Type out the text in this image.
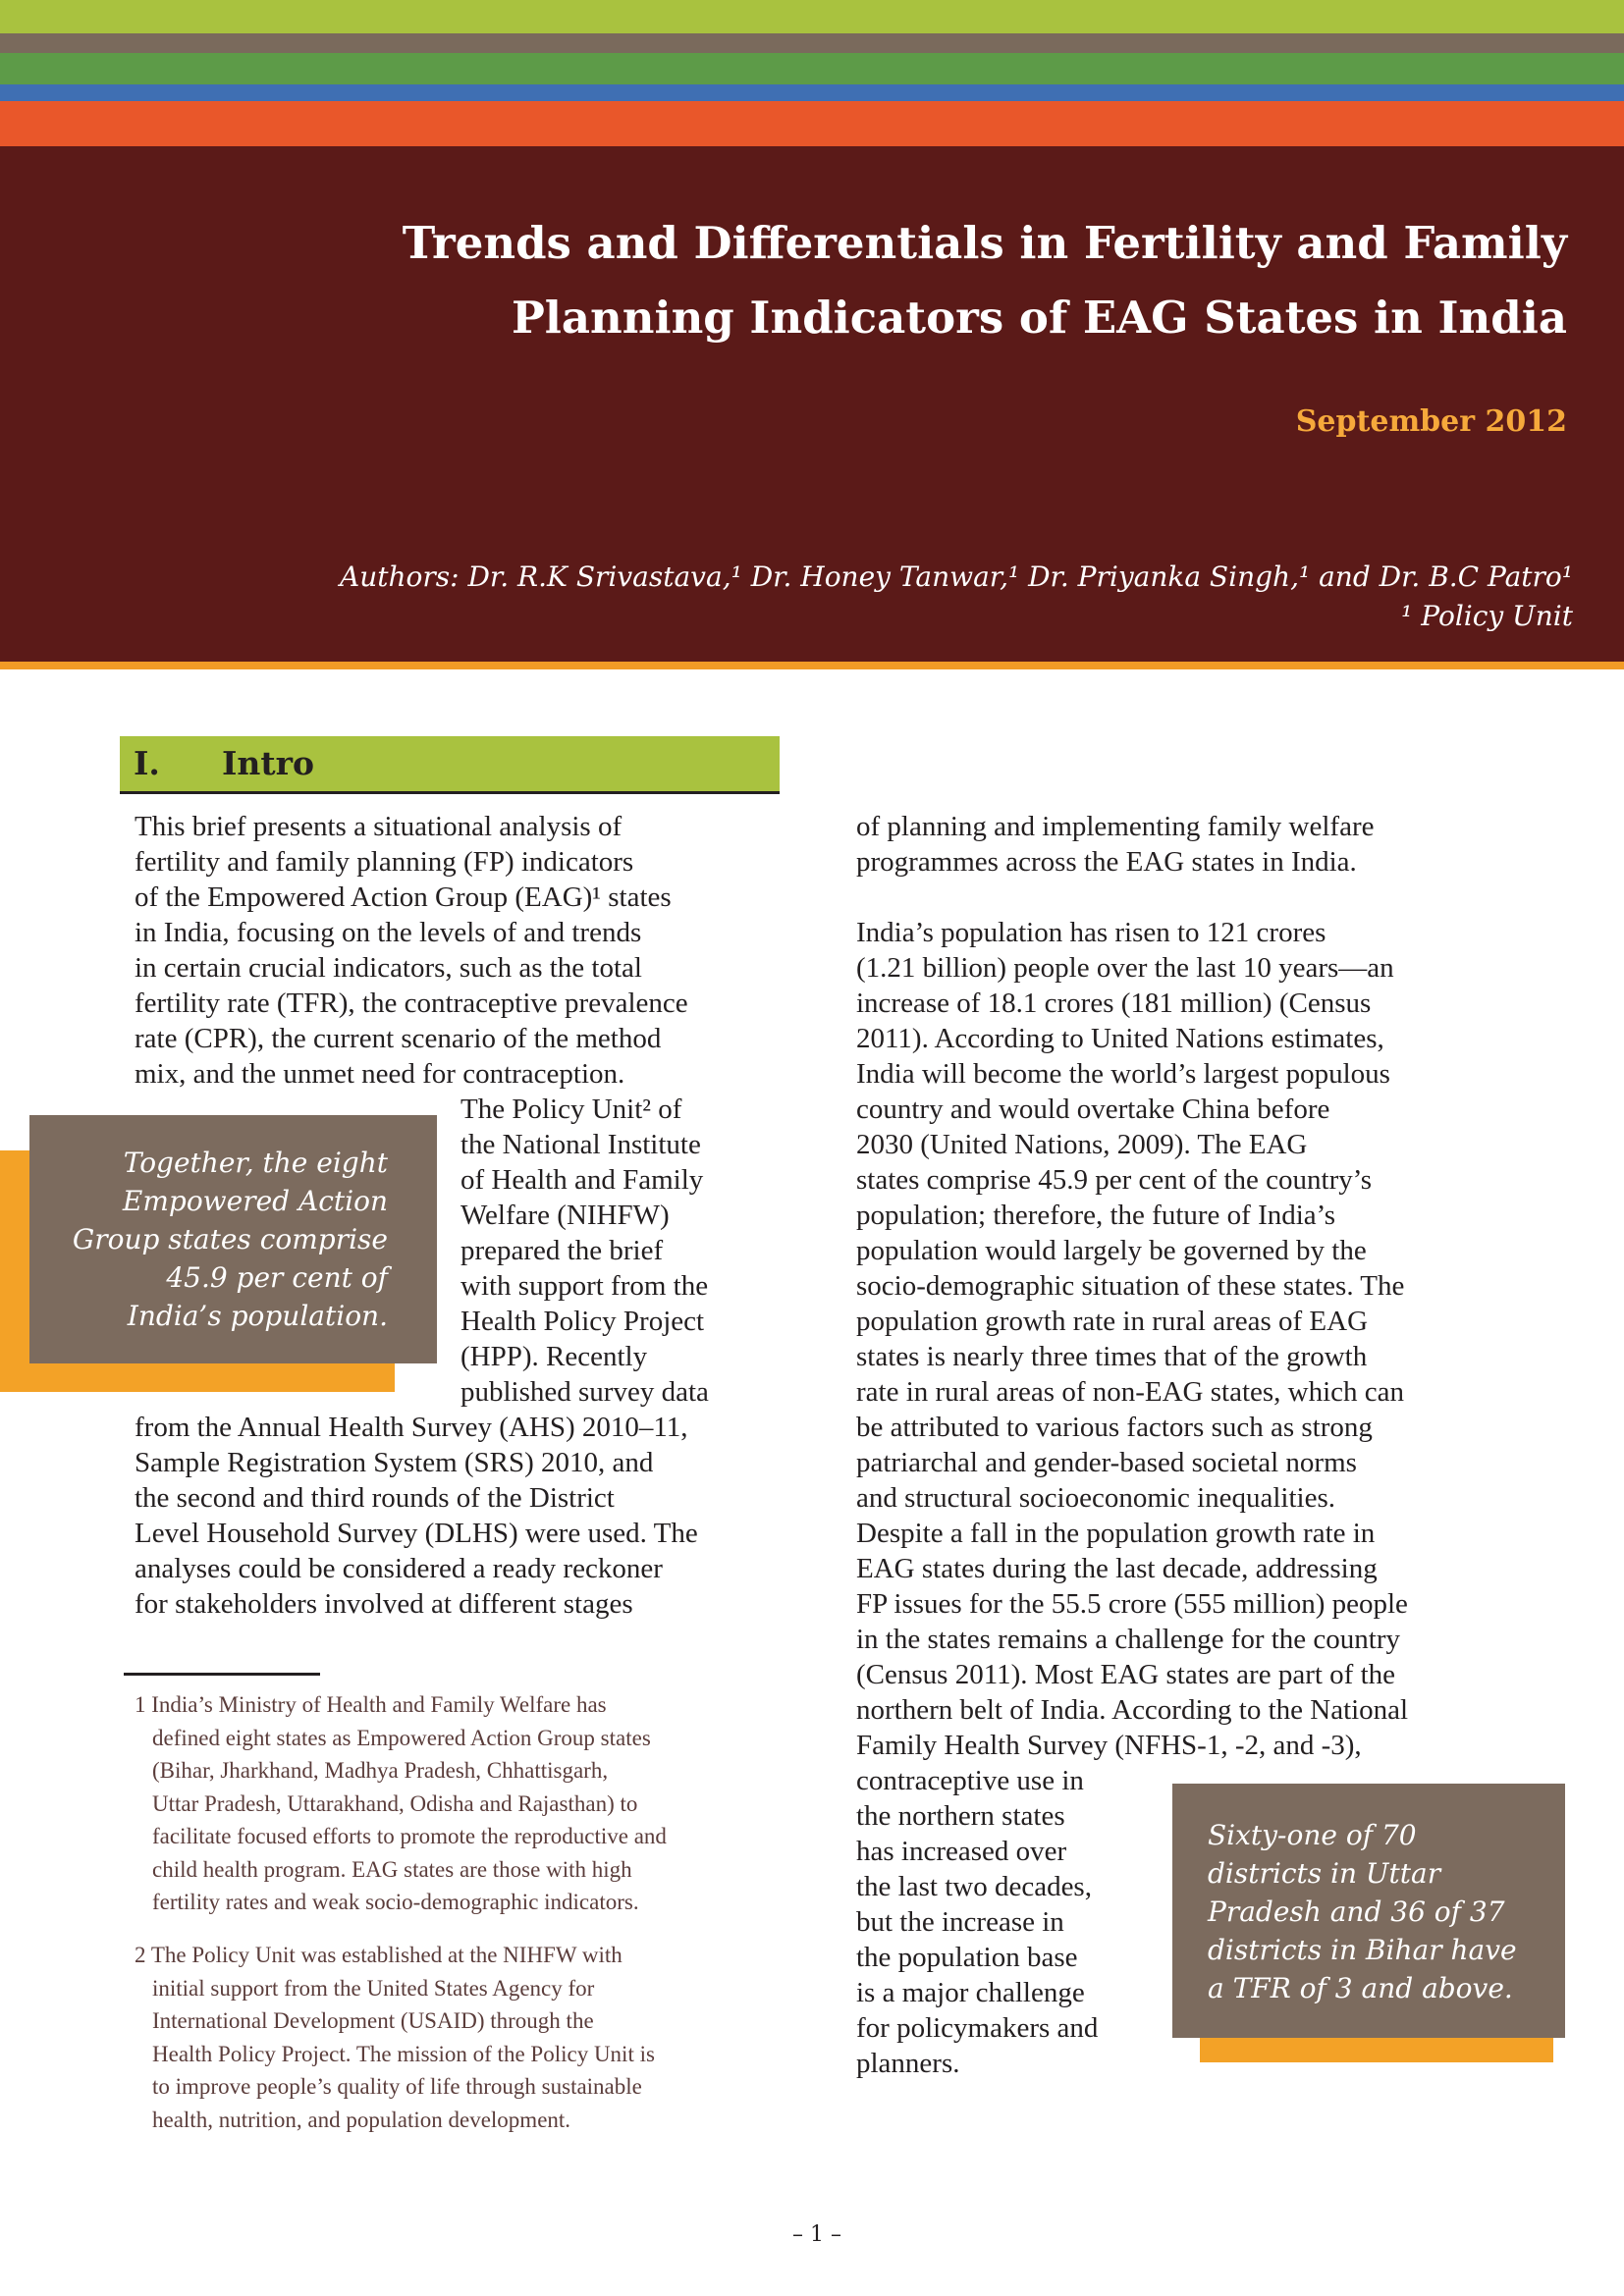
Trends and Differentials in Fertility and Family
Planning Indicators of EAG States in India
September 2012
Authors: Dr. R.K Srivastava,¹ Dr. Honey Tanwar,¹ Dr. Priyanka Singh,¹ and Dr. B.C Patro¹
¹ Policy Unit
I. Intro
Together, the eight
Empowered Action
Group states comprise
45.9 per cent of
India’s population.
Sixty-one of 70
districts in Uttar
Pradesh and 36 of 37
districts in Bihar have
a TFR of 3 and above.
This brief presents a situational analysis of
fertility and family planning (FP) indicators
of the Empowered Action Group (EAG)¹ states
in India, focusing on the levels of and trends
in certain crucial indicators, such as the total
fertility rate (TFR), the contraceptive prevalence
rate (CPR), the current scenario of the method
mix, and the unmet need for contraception.
The Policy Unit² of
the National Institute
of Health and Family
Welfare (NIHFW)
prepared the brief
with support from the
Health Policy Project
(HPP). Recently
published survey data
from the Annual Health Survey (AHS) 2010–11,
Sample Registration System (SRS) 2010, and
the second and third rounds of the District
Level Household Survey (DLHS) were used. The
analyses could be considered a ready reckoner
for stakeholders involved at different stages
1 India’s Ministry of Health and Family Welfare has
defined eight states as Empowered Action Group states
(Bihar, Jharkhand, Madhya Pradesh, Chhattisgarh,
Uttar Pradesh, Uttarakhand, Odisha and Rajasthan) to
facilitate focused efforts to promote the reproductive and
child health program. EAG states are those with high
fertility rates and weak socio-demographic indicators.
2 The Policy Unit was established at the NIHFW with
initial support from the United States Agency for
International Development (USAID) through the
Health Policy Project. The mission of the Policy Unit is
to improve people’s quality of life through sustainable
health, nutrition, and population development.
of planning and implementing family welfare
programmes across the EAG states in India.
India’s population has risen to 121 crores
(1.21 billion) people over the last 10 years—an
increase of 18.1 crores (181 million) (Census
2011). According to United Nations estimates,
India will become the world’s largest populous
country and would overtake China before
2030 (United Nations, 2009). The EAG
states comprise 45.9 per cent of the country’s
population; therefore, the future of India’s
population would largely be governed by the
socio-demographic situation of these states. The
population growth rate in rural areas of EAG
states is nearly three times that of the growth
rate in rural areas of non-EAG states, which can
be attributed to various factors such as strong
patriarchal and gender-based societal norms
and structural socioeconomic inequalities.
Despite a fall in the population growth rate in
EAG states during the last decade, addressing
FP issues for the 55.5 crore (555 million) people
in the states remains a challenge for the country
(Census 2011). Most EAG states are part of the
northern belt of India. According to the National
Family Health Survey (NFHS-1, -2, and -3),
contraceptive use in
the northern states
has increased over
the last two decades,
but the increase in
the population base
is a major challenge
for policymakers and
planners.
– 1 –
